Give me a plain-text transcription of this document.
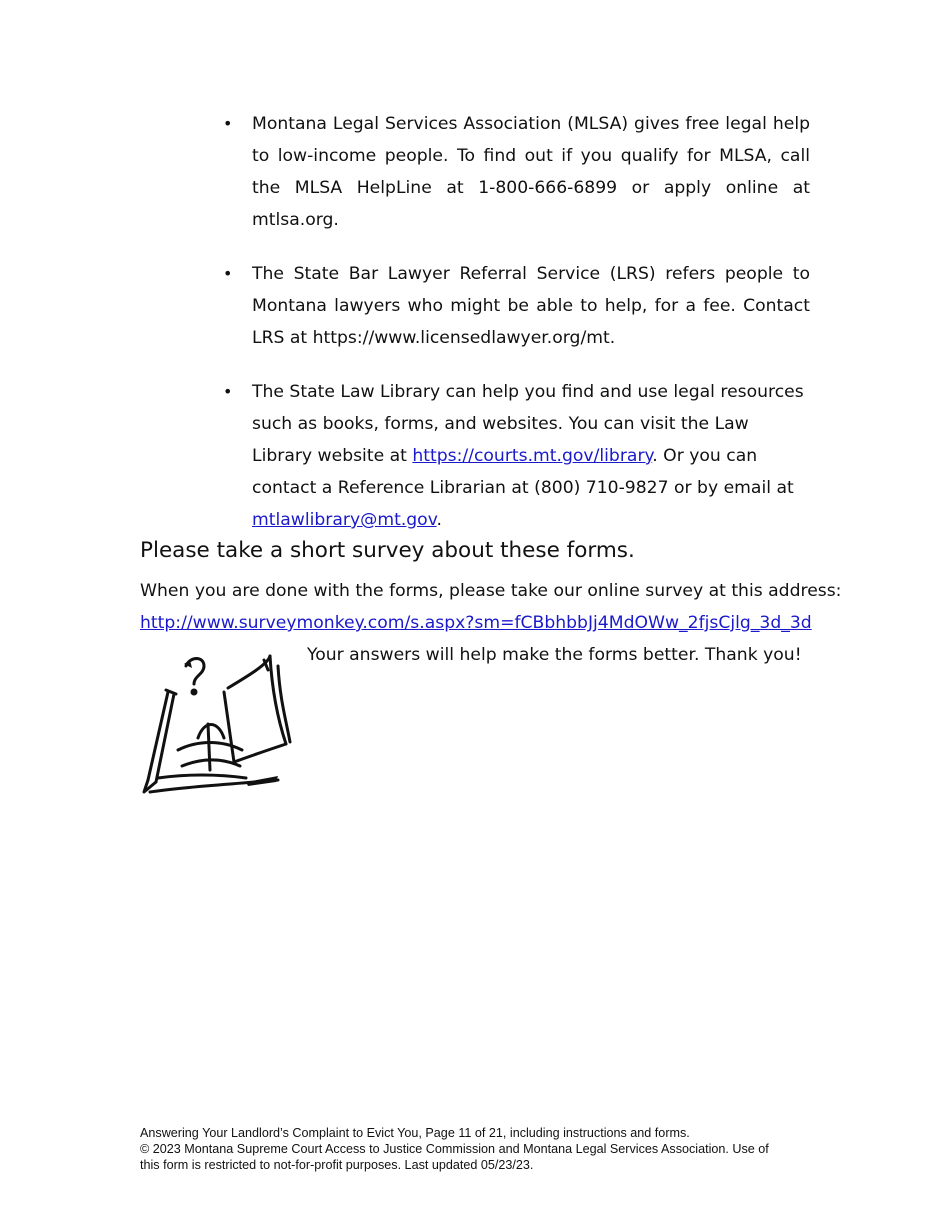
• Montana Legal Services Association (MLSA) gives free legal help to low-income people. To find out if you qualify for MLSA, call the MLSA HelpLine at 1-800-666-6899 or apply online at mtlsa.org.
• The State Bar Lawyer Referral Service (LRS) refers people to Montana lawyers who might be able to help, for a fee. Contact LRS at https://www.licensedlawyer.org/mt.
• The State Law Library can help you find and use legal resources such as books, forms, and websites. You can visit the Law Library website at https://courts.mt.gov/library. Or you can contact a Reference Librarian at (800) 710-9827 or by email at
mtlawlibrary@mt.gov.
Please take a short survey about these forms.
When you are done with the forms, please take our online survey at this address:
http://www.surveymonkey.com/s.aspx?sm=fCBbhbbJj4MdOWw_2fjsCjlg_3d_3d
Your answers will help make the forms better. Thank you!
Answering Your Landlord’s Complaint to Evict You, Page 11 of 21, including instructions and forms.
© 2023 Montana Supreme Court Access to Justice Commission and Montana Legal Services Association. Use of this form is restricted to not-for-profit purposes. Last updated 05/23/23.
